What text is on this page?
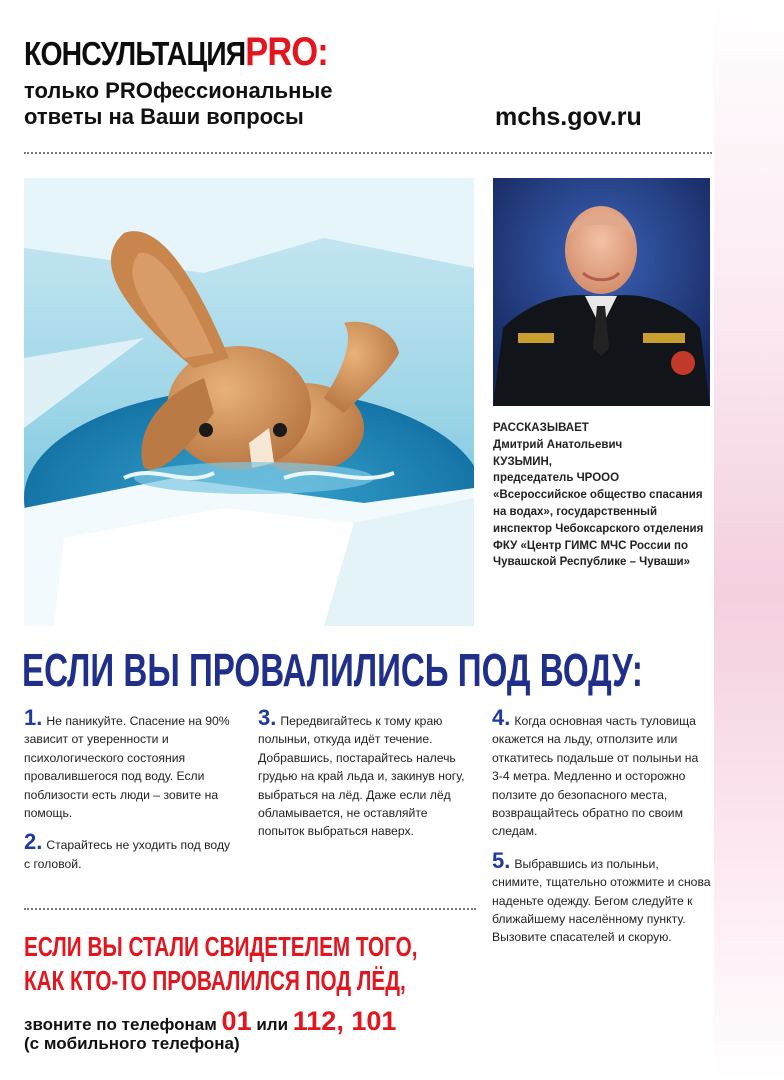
КОНСУЛЬТАЦИЯPRO:
только PROфессиональные
ответы на Ваши вопросы	mchs.gov.ru
РАССКАЗЫВАЕТ
Дмитрий Анатольевич
КУЗЬМИН,
председатель ЧРООО «Всероссийское общество спасания на водах», государственный инспектор Чебоксарского отделения ФКУ «Центр ГИМС МЧС России по Чувашской Республике – Чуваши»
ЕСЛИ ВЫ ПРОВАЛИЛИСЬ ПОД ВОДУ:

1. Не паникуйте. Спасение на 90% зависит от уверенности и психологического состояния провалившегося под воду. Если поблизости есть люди – зовите на помощь.

2. Старайтесь не уходить под воду с головой.

3. Передвигайтесь к тому краю полыньи, откуда идёт течение. Добравшись, постарайтесь налечь грудью на край льда и, закинув ногу, выбраться на лёд. Даже если лёд обламывается, не оставляйте попыток выбраться наверх.

4. Когда основная часть туловища окажется на льду, отползите или откатитесь подальше от полыньи на 3-4 метра. Медленно и осторожно ползите до безопасного места, возвращайтесь обратно по своим следам.

5. Выбравшись из полыньи, снимите, тщательно отожмите и снова наденьте одежду. Бегом следуйте к ближайшему населённому пункту. Вызовите спасателей и скорую.

ЕСЛИ ВЫ СТАЛИ СВИДЕТЕЛЕМ ТОГО,
КАК КТО-ТО ПРОВАЛИЛСЯ ПОД ЛЁД,
звоните по телефонам 01 или 112, 101
(с мобильного телефона)
